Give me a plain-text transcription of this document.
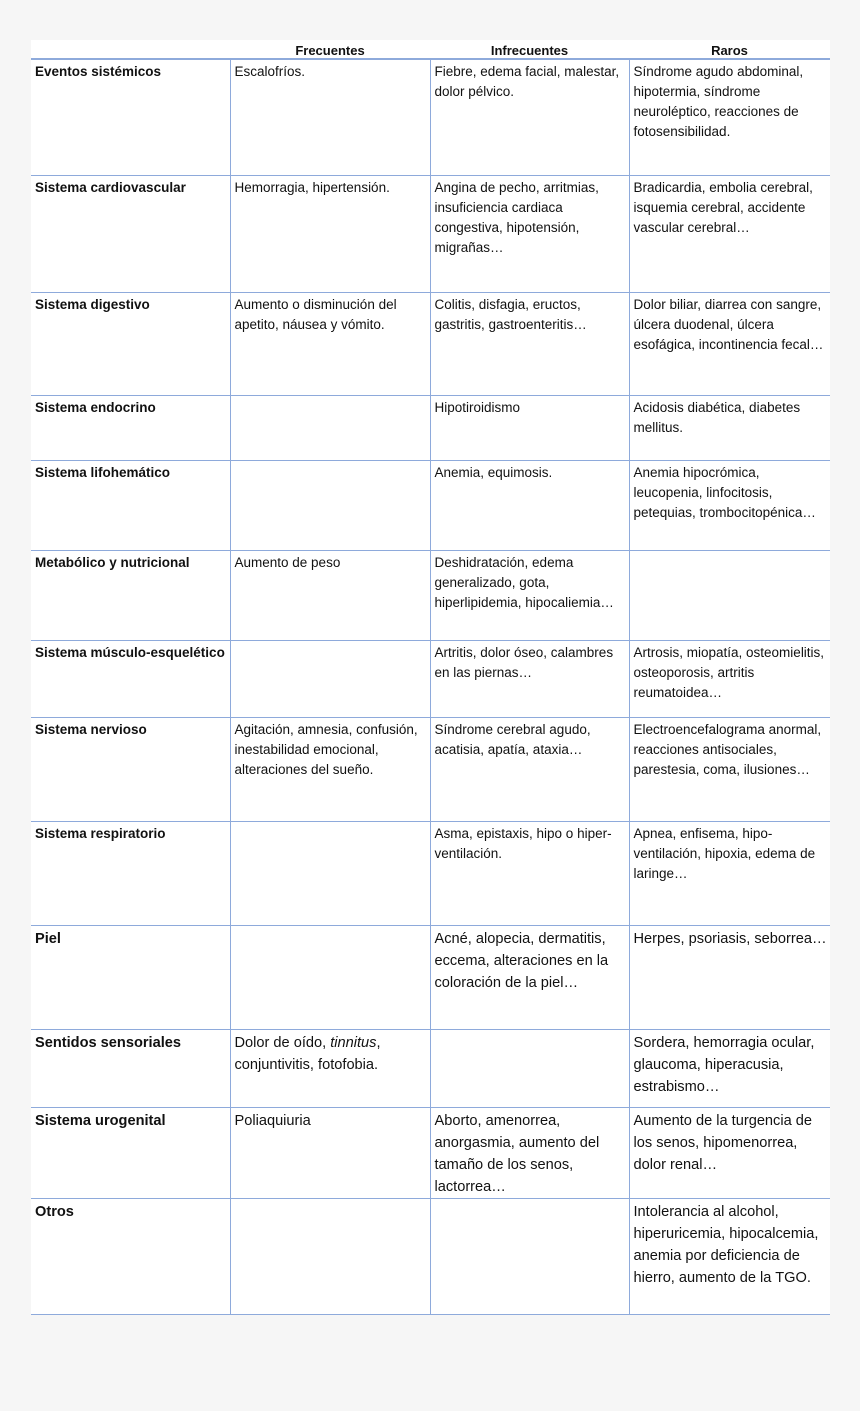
	Frecuentes	Infrecuentes	Raros
Eventos sistémicos	Escalofríos.	Fiebre, edema facial, malestar, dolor pélvico.	Síndrome agudo abdominal, hipotermia, síndrome neuroléptico, reacciones de fotosensibilidad.
Sistema cardiovascular	Hemorragia, hipertensión.	Angina de pecho, arritmias, insuficiencia cardiaca congestiva, hipotensión, migrañas…	Bradicardia, embolia cerebral, isquemia cerebral, accidente vascular cerebral…
Sistema digestivo	Aumento o disminución del apetito, náusea y vómito.	Colitis, disfagia, eructos, gastritis, gastroenteritis…	Dolor biliar, diarrea con sangre, úlcera duodenal, úlcera esofágica, incontinencia fecal…
Sistema endocrino		Hipotiroidismo	Acidosis diabética, diabetes mellitus.
Sistema lifohemático		Anemia, equimosis.	Anemia hipocrómica, leucopenia, linfocitosis, petequias, trombocitopénica…
Metabólico y nutricional	Aumento de peso	Deshidratación, edema generalizado, gota, hiperlipidemia, hipocaliemia…	
Sistema músculo-esquelético		Artritis, dolor óseo, calambres en las piernas…	Artrosis, miopatía, osteomielitis, osteoporosis, artritis reumatoidea…
Sistema nervioso	Agitación, amnesia, confusión, inestabilidad emocional, alteraciones del sueño.	Síndrome cerebral agudo, acatisia, apatía, ataxia…	Electroencefalograma anormal, reacciones antisociales, parestesia, coma, ilusiones…
Sistema respiratorio		Asma, epistaxis, hipo o hiper-ventilación.	Apnea, enfisema, hipo-ventilación, hipoxia, edema de laringe…
Piel		Acné, alopecia, dermatitis, eccema, alteraciones en la coloración de la piel…	Herpes, psoriasis, seborrea…
Sentidos sensoriales	Dolor de oído, tinnitus, conjuntivitis, fotofobia.		Sordera, hemorragia ocular, glaucoma, hiperacusia, estrabismo…
Sistema urogenital	Poliaquiuria	Aborto, amenorrea, anorgasmia, aumento del tamaño de los senos, lactorrea…	Aumento de la turgencia de los senos, hipomenorrea, dolor renal…
Otros			Intolerancia al alcohol, hiperuricemia, hipocalcemia, anemia por deficiencia de hierro, aumento de la TGO.
